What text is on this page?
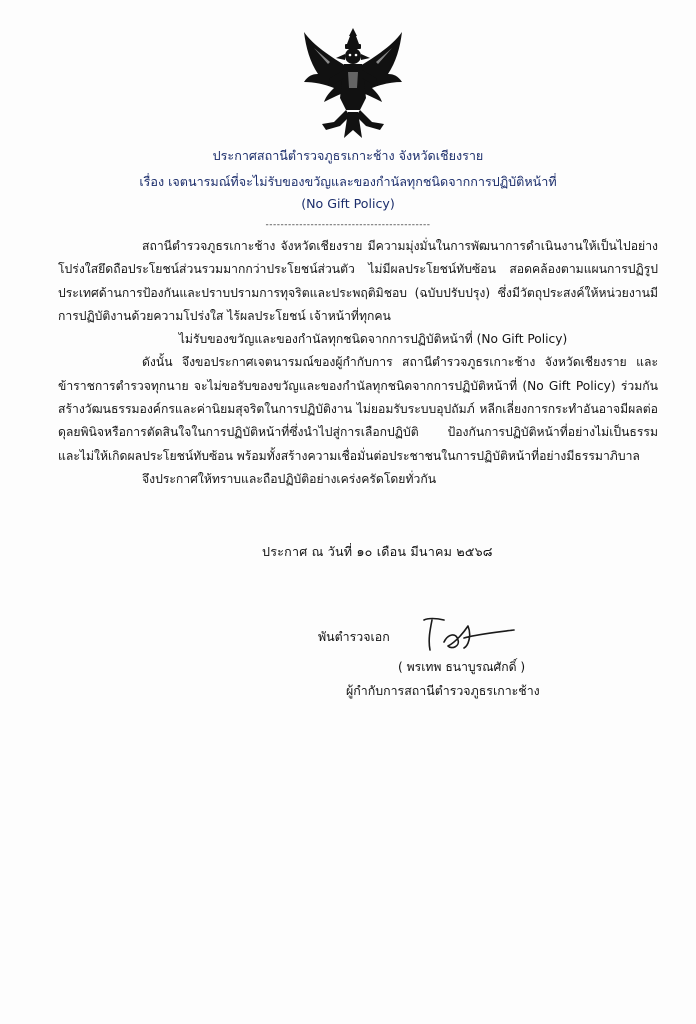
ประกาศสถานีตำรวจภูธรเกาะช้าง จังหวัดเชียงราย
เรื่อง เจตนารมณ์ที่จะไม่รับของขวัญและของกำนัลทุกชนิดจากการปฏิบัติหน้าที่
(No Gift Policy)
--------------------------------------------

สถานีตำรวจภูธรเกาะช้าง จังหวัดเชียงราย มีความมุ่งมั่นในการพัฒนาการดำเนินงานให้เป็นไปอย่างโปร่งใสยึดถือประโยชน์ส่วนรวมมากกว่าประโยชน์ส่วนตัว ไม่มีผลประโยชน์ทับซ้อน สอดคล้องตามแผนการปฏิรูปประเทศด้านการป้องกันและปราบปรามการทุจริตและประพฤติมิชอบ (ฉบับปรับปรุง) ซึ่งมีวัตถุประสงค์ให้หน่วยงานมีการปฏิบัติงานด้วยความโปร่งใส ไร้ผลประโยชน์ เจ้าหน้าที่ทุกคน

ไม่รับของขวัญและของกำนัลทุกชนิดจากการปฏิบัติหน้าที่ (No Gift Policy)

ดังนั้น จึงขอประกาศเจตนารมณ์ของผู้กำกับการ สถานีตำรวจภูธรเกาะช้าง จังหวัดเชียงราย และข้าราชการตำรวจทุกนาย จะไม่ขอรับของขวัญและของกำนัลทุกชนิดจากการปฏิบัติหน้าที่ (No Gift Policy) ร่วมกันสร้างวัฒนธรรมองค์กรและค่านิยมสุจริตในการปฏิบัติงาน ไม่ยอมรับระบบอุปถัมภ์ หลีกเลี่ยงการกระทำอันอาจมีผลต่อดุลยพินิจหรือการตัดสินใจในการปฏิบัติหน้าที่ซึ่งนำไปสู่การเลือกปฏิบัติ ป้องกันการปฏิบัติหน้าที่อย่างไม่เป็นธรรม และไม่ให้เกิดผลประโยชน์ทับซ้อน พร้อมทั้งสร้างความเชื่อมั่นต่อประชาชนในการปฏิบัติหน้าที่อย่างมีธรรมาภิบาล

จึงประกาศให้ทราบและถือปฏิบัติอย่างเคร่งครัดโดยทั่วกัน

ประกาศ ณ วันที่ ๑๐ เดือน มีนาคม ๒๕๖๘
พันตำรวจเอก
( พรเทพ ธนาบูรณศักดิ์ )
ผู้กำกับการสถานีตำรวจภูธรเกาะช้าง
